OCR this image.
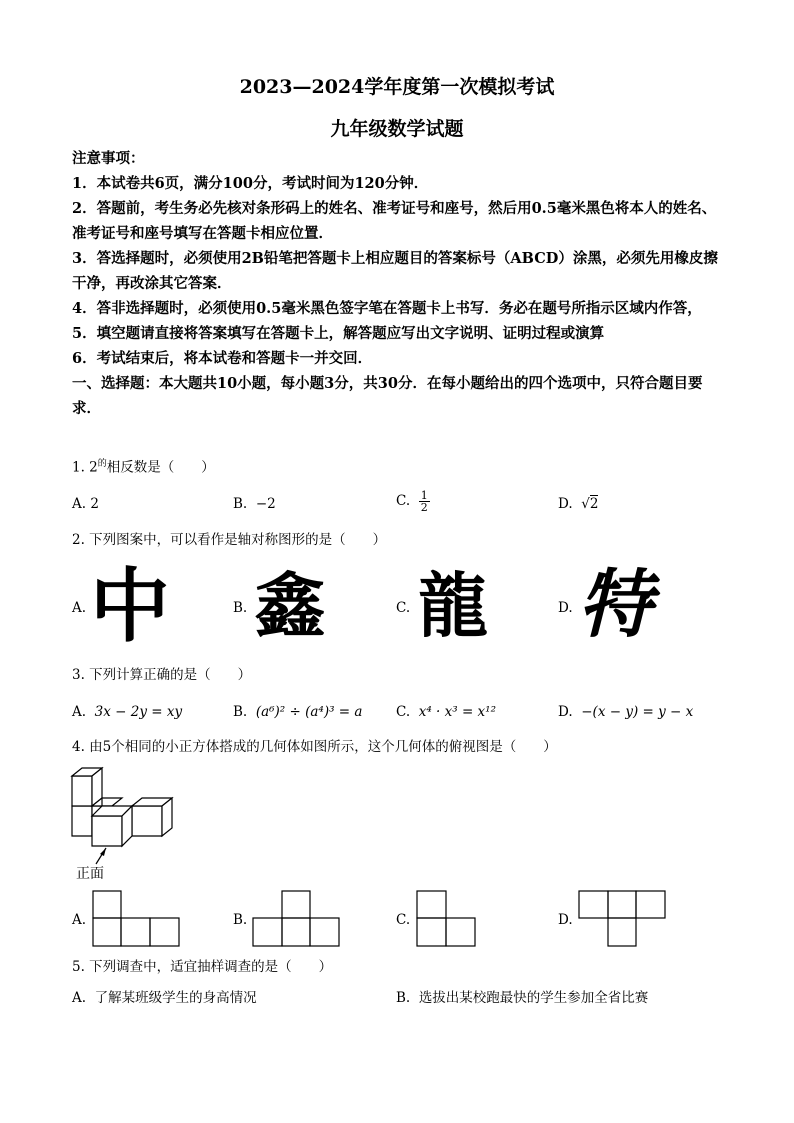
2023—2024学年度第一次模拟考试
九年级数学试题

注意事项：

1．本试卷共6页，满分100分，考试时间为120分钟．

2．答题前，考生务必先核对条形码上的姓名、准考证号和座号，然后用0.5毫米黑色将本人的姓名、准考证号和座号填写在答题卡相应位置．

3．答选择题时，必须使用2B铅笔把答题卡上相应题目的答案标号（ABCD）涂黑，必须先用橡皮擦干净，再改涂其它答案．

4．答非选择题时，必须使用0.5毫米黑色签字笔在答题卡上书写．务必在题号所指示区域内作答，

5．填空题请直接将答案填写在答题卡上，解答题应写出文字说明、证明过程或演算

6．考试结束后，将本试卷和答题卡一并交回．

一、选择题：本大题共10小题，每小题3分，共30分．在每小题给出的四个选项中，只符合题目要求．

1. $2^的$相反数是（　　）
A. 2	B. −2	C. $\frac{1}{2}$	D. √2
2. 下列图案中，可以看作是轴对称图形的是（　　）
A. 中	B. 鑫	C. 龍	D. 特
3. 下列计算正确的是（　　）
A. 3x − 2y = xy	B. (a⁶)² ÷ (a⁴)³ = a C. x⁴ · x³ = x¹²	D. −(x − y) = y − x
4. 由5个相同的小正方体搭成的几何体如图所示，这个几何体的俯视图是（　　）
正面
A.	B.	C.	D.
5. 下列调查中，适宜抽样调查的是（　　）
A. 了解某班级学生的身高情况	B. 选拔出某校跑最快的学生参加全省比赛
